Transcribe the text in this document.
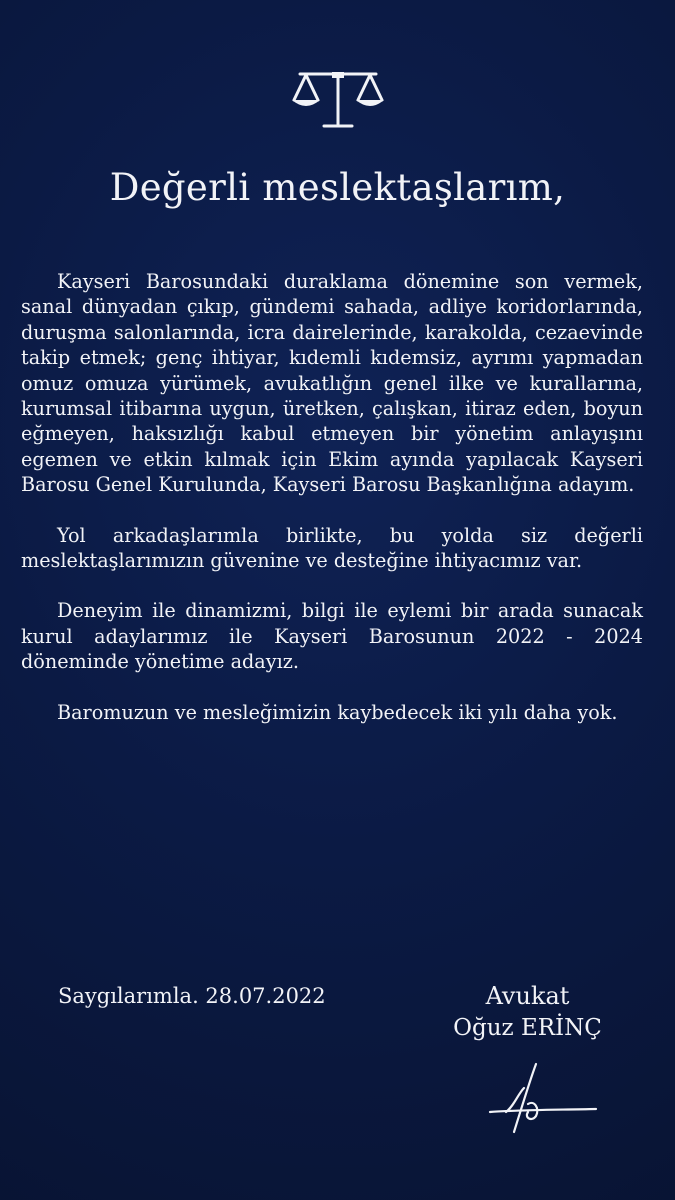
Değerli meslektaşlarım,

Kayseri Barosundaki duraklama dönemine son vermek, sanal dünyadan çıkıp, gündemi sahada, adliye koridorlarında, duruşma salonlarında, icra dairelerinde, karakolda, cezaevinde takip etmek; genç ihtiyar, kıdemli kıdemsiz, ayrımı yapmadan omuz omuza yürümek, avukatlığın genel ilke ve kurallarına, kurumsal itibarına uygun, üretken, çalışkan, itiraz eden, boyun eğmeyen, haksızlığı kabul etmeyen bir yönetim anlayışını egemen ve etkin kılmak için Ekim ayında yapılacak Kayseri Barosu Genel Kurulunda, Kayseri Barosu Başkanlığına adayım.

Yol arkadaşlarımla birlikte, bu yolda siz değerli meslektaşlarımızın güvenine ve desteğine ihtiyacımız var.

Deneyim ile dinamizmi, bilgi ile eylemi bir arada sunacak kurul adaylarımız ile Kayseri Barosunun 2022 - 2024 döneminde yönetime adayız.

Baromuzun ve mesleğimizin kaybedecek iki yılı daha yok.

Saygılarımla. 28.07.2022	Avukat
Oğuz ERİNÇ
